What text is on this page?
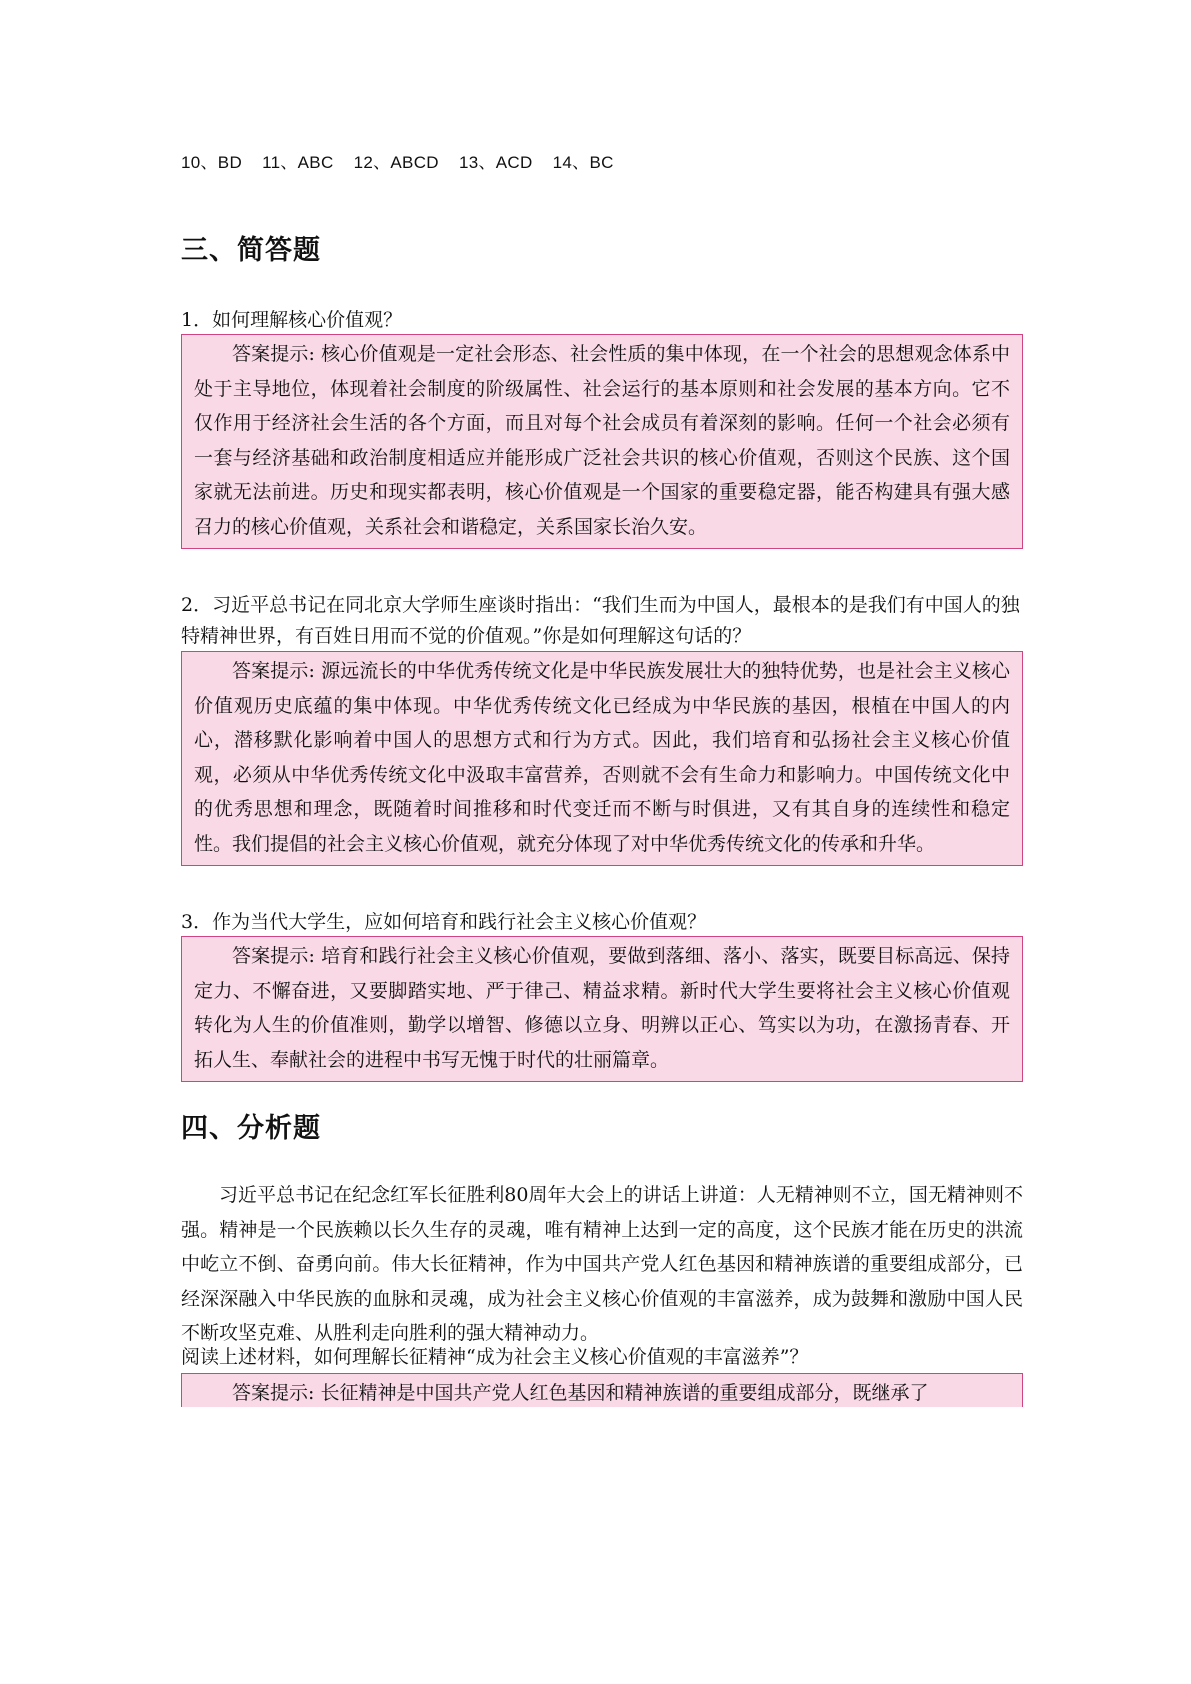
10、BD    11、ABC    12、ABCD    13、ACD    14、BC
三、简答题
1．如何理解核心价值观？
答案提示: 核心价值观是一定社会形态、社会性质的集中体现，在一个社会的思想观念体系中处于主导地位，体现着社会制度的阶级属性、社会运行的基本原则和社会发展的基本方向。它不仅作用于经济社会生活的各个方面，而且对每个社会成员有着深刻的影响。任何一个社会必须有一套与经济基础和政治制度相适应并能形成广泛社会共识的核心价值观，否则这个民族、这个国家就无法前进。历史和现实都表明，核心价值观是一个国家的重要稳定器，能否构建具有强大感召力的核心价值观，关系社会和谐稳定，关系国家长治久安。
2．习近平总书记在同北京大学师生座谈时指出：“我们生而为中国人，最根本的是我们有中国人的独特精神世界，有百姓日用而不觉的价值观。”你是如何理解这句话的？
答案提示: 源远流长的中华优秀传统文化是中华民族发展壮大的独特优势，也是社会主义核心价值观历史底蕴的集中体现。中华优秀传统文化已经成为中华民族的基因，根植在中国人的内心，潜移默化影响着中国人的思想方式和行为方式。因此，我们培育和弘扬社会主义核心价值观，必须从中华优秀传统文化中汲取丰富营养，否则就不会有生命力和影响力。中国传统文化中的优秀思想和理念，既随着时间推移和时代变迁而不断与时俱进，又有其自身的连续性和稳定性。我们提倡的社会主义核心价值观，就充分体现了对中华优秀传统文化的传承和升华。
3．作为当代大学生，应如何培育和践行社会主义核心价值观？
答案提示: 培育和践行社会主义核心价值观，要做到落细、落小、落实，既要目标高远、保持定力、不懈奋进，又要脚踏实地、严于律己、精益求精。新时代大学生要将社会主义核心价值观转化为人生的价值准则，勤学以增智、修德以立身、明辨以正心、笃实以为功，在激扬青春、开拓人生、奉献社会的进程中书写无愧于时代的壮丽篇章。
四、分析题
习近平总书记在纪念红军长征胜利80周年大会上的讲话上讲道：人无精神则不立，国无精神则不强。精神是一个民族赖以长久生存的灵魂，唯有精神上达到一定的高度，这个民族才能在历史的洪流中屹立不倒、奋勇向前。伟大长征精神，作为中国共产党人红色基因和精神族谱的重要组成部分，已经深深融入中华民族的血脉和灵魂，成为社会主义核心价值观的丰富滋养，成为鼓舞和激励中国人民不断攻坚克难、从胜利走向胜利的强大精神动力。
阅读上述材料，如何理解长征精神“成为社会主义核心价值观的丰富滋养”？
答案提示: 长征精神是中国共产党人红色基因和精神族谱的重要组成部分，既继承了
